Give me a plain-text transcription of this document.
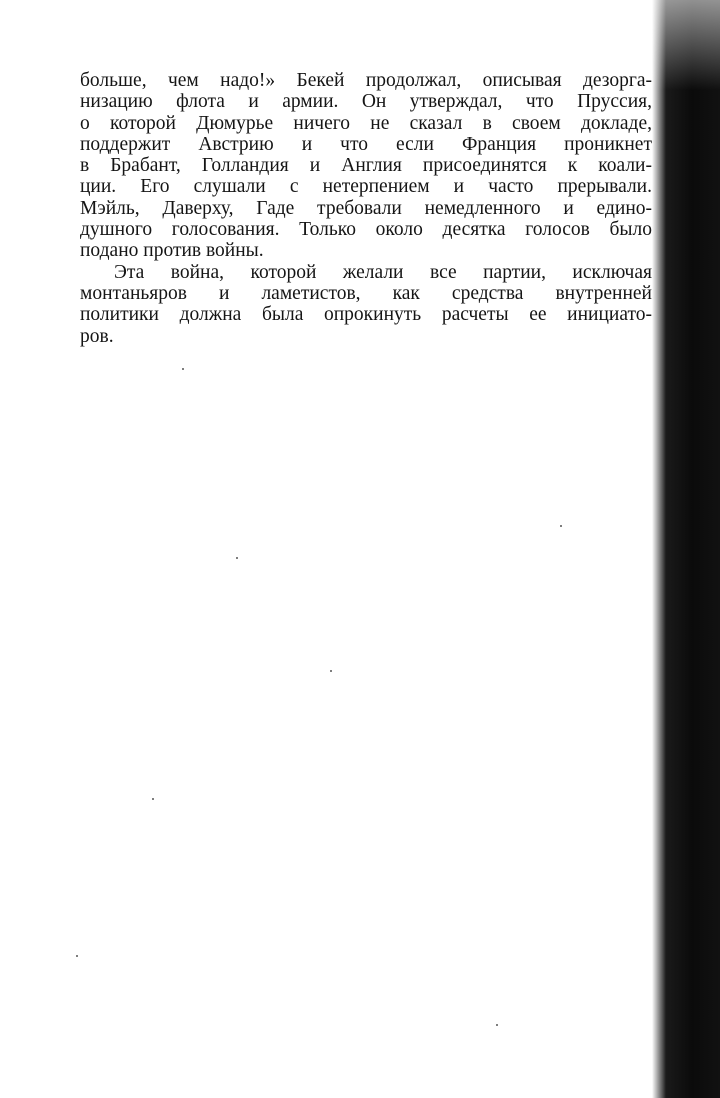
больше, чем надо!» Бекей продолжал, описывая дезорга-
низацию флота и армии. Он утверждал, что Пруссия,
о которой Дюмурье ничего не сказал в своем докладе,
поддержит Австрию и что если Франция проникнет
в Брабант, Голландия и Англия присоединятся к коали-
ции. Его слушали с нетерпением и часто прерывали.
Мэйль, Даверху, Гаде требовали немедленного и едино-
душного голосования. Только около десятка голосов было
подано против войны.
Эта война, которой желали все партии, исключая
монтаньяров и ламетистов, как средства внутренней
политики должна была опрокинуть расчеты ее инициато-
ров.
